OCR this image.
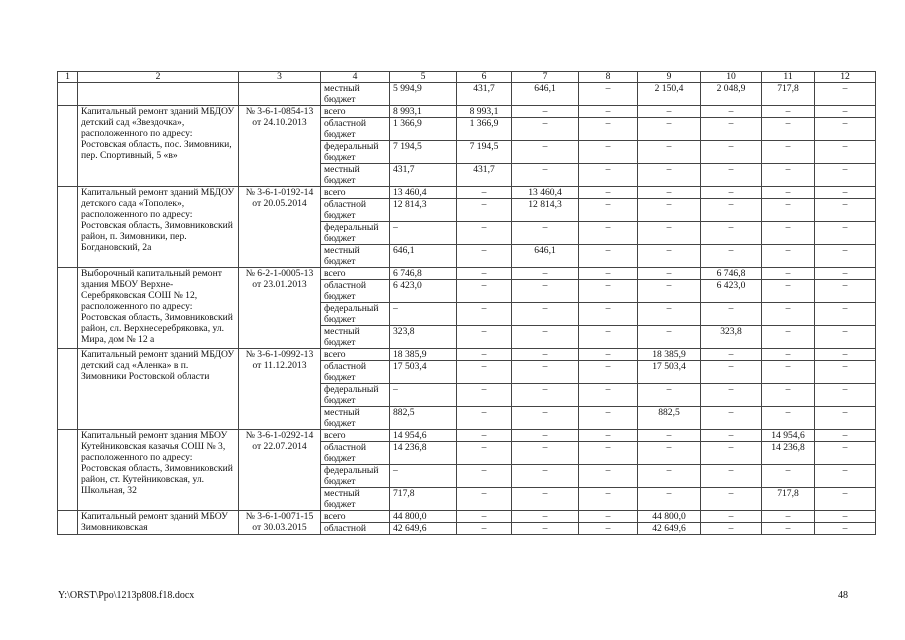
1	2	3	4	5	6	7	8	9	10	11	12
			местный бюджет	5 994,9	431,7	646,1	–	2 150,4	2 048,9	717,8	–
	Капитальный ремонт зданий МБДОУ детский сад «Звездочка», расположенного по адресу: Ростовская область, пос. Зимовники, пер. Спортивный, 5 «в»	№ 3-6-1-0854-13 от 24.10.2013	всего	8 993,1	8 993,1	–	–	–	–	–	–
			областной бюджет	1 366,9	1 366,9	–	–	–	–	–	–
			федеральный бюджет	7 194,5	7 194,5	–	–	–	–	–	–
			местный бюджет	431,7	431,7	–	–	–	–	–	–
	Капитальный ремонт зданий МБДОУ детского сада «Тополек», расположенного по адресу: Ростовская область, Зимовниковский район, п. Зимовники, пер. Богдановский, 2а	№ 3-6-1-0192-14 от 20.05.2014	всего	13 460,4	–	13 460,4	–	–	–	–	–
			областной бюджет	12 814,3	–	12 814,3	–	–	–	–	–
			федеральный бюджет	–	–	–	–	–	–	–	–
			местный бюджет	646,1	–	646,1	–	–	–	–	–
	Выборочный капитальный ремонт здания МБОУ Верхне-Серебряковская СОШ № 12, расположенного по адресу: Ростовская область, Зимовниковский район, сл. Верхнесеребряковка, ул. Мира, дом № 12 а	№ 6-2-1-0005-13 от 23.01.2013	всего	6 746,8	–	–	–	–	6 746,8	–	–
			областной бюджет	6 423,0	–	–	–	–	6 423,0	–	–
			федеральный бюджет	–	–	–	–	–	–	–	–
			местный бюджет	323,8	–	–	–	–	323,8	–	–
	Капитальный ремонт зданий МБДОУ детский сад «Аленка» в п. Зимовники Ростовской области	№ 3-6-1-0992-13 от 11.12.2013	всего	18 385,9	–	–	–	18 385,9	–	–	–
			областной бюджет	17 503,4	–	–	–	17 503,4	–	–	–
			федеральный бюджет	–	–	–	–	–	–	–	–
			местный бюджет	882,5	–	–	–	882,5	–	–	–
	Капитальный ремонт здания МБОУ Кутейниковская казачья СОШ № 3, расположенного по адресу: Ростовская область, Зимовниковский район, ст. Кутейниковская, ул. Школьная, 32	№ 3-6-1-0292-14 от 22.07.2014	всего	14 954,6	–	–	–	–	–	14 954,6	–
			областной бюджет	14 236,8	–	–	–	–	–	14 236,8	–
			федеральный бюджет	–	–	–	–	–	–	–	–
			местный бюджет	717,8	–	–	–	–	–	717,8	–
	Капитальный ремонт зданий МБОУ Зимовниковская	№ 3-6-1-0071-15 от 30.03.2015	всего	44 800,0	–	–	–	44 800,0	–	–	–
			областной	42 649,6	–	–	–	42 649,6	–	–	–
Y:\ORST\Ppo\1213p808.f18.docx	48
